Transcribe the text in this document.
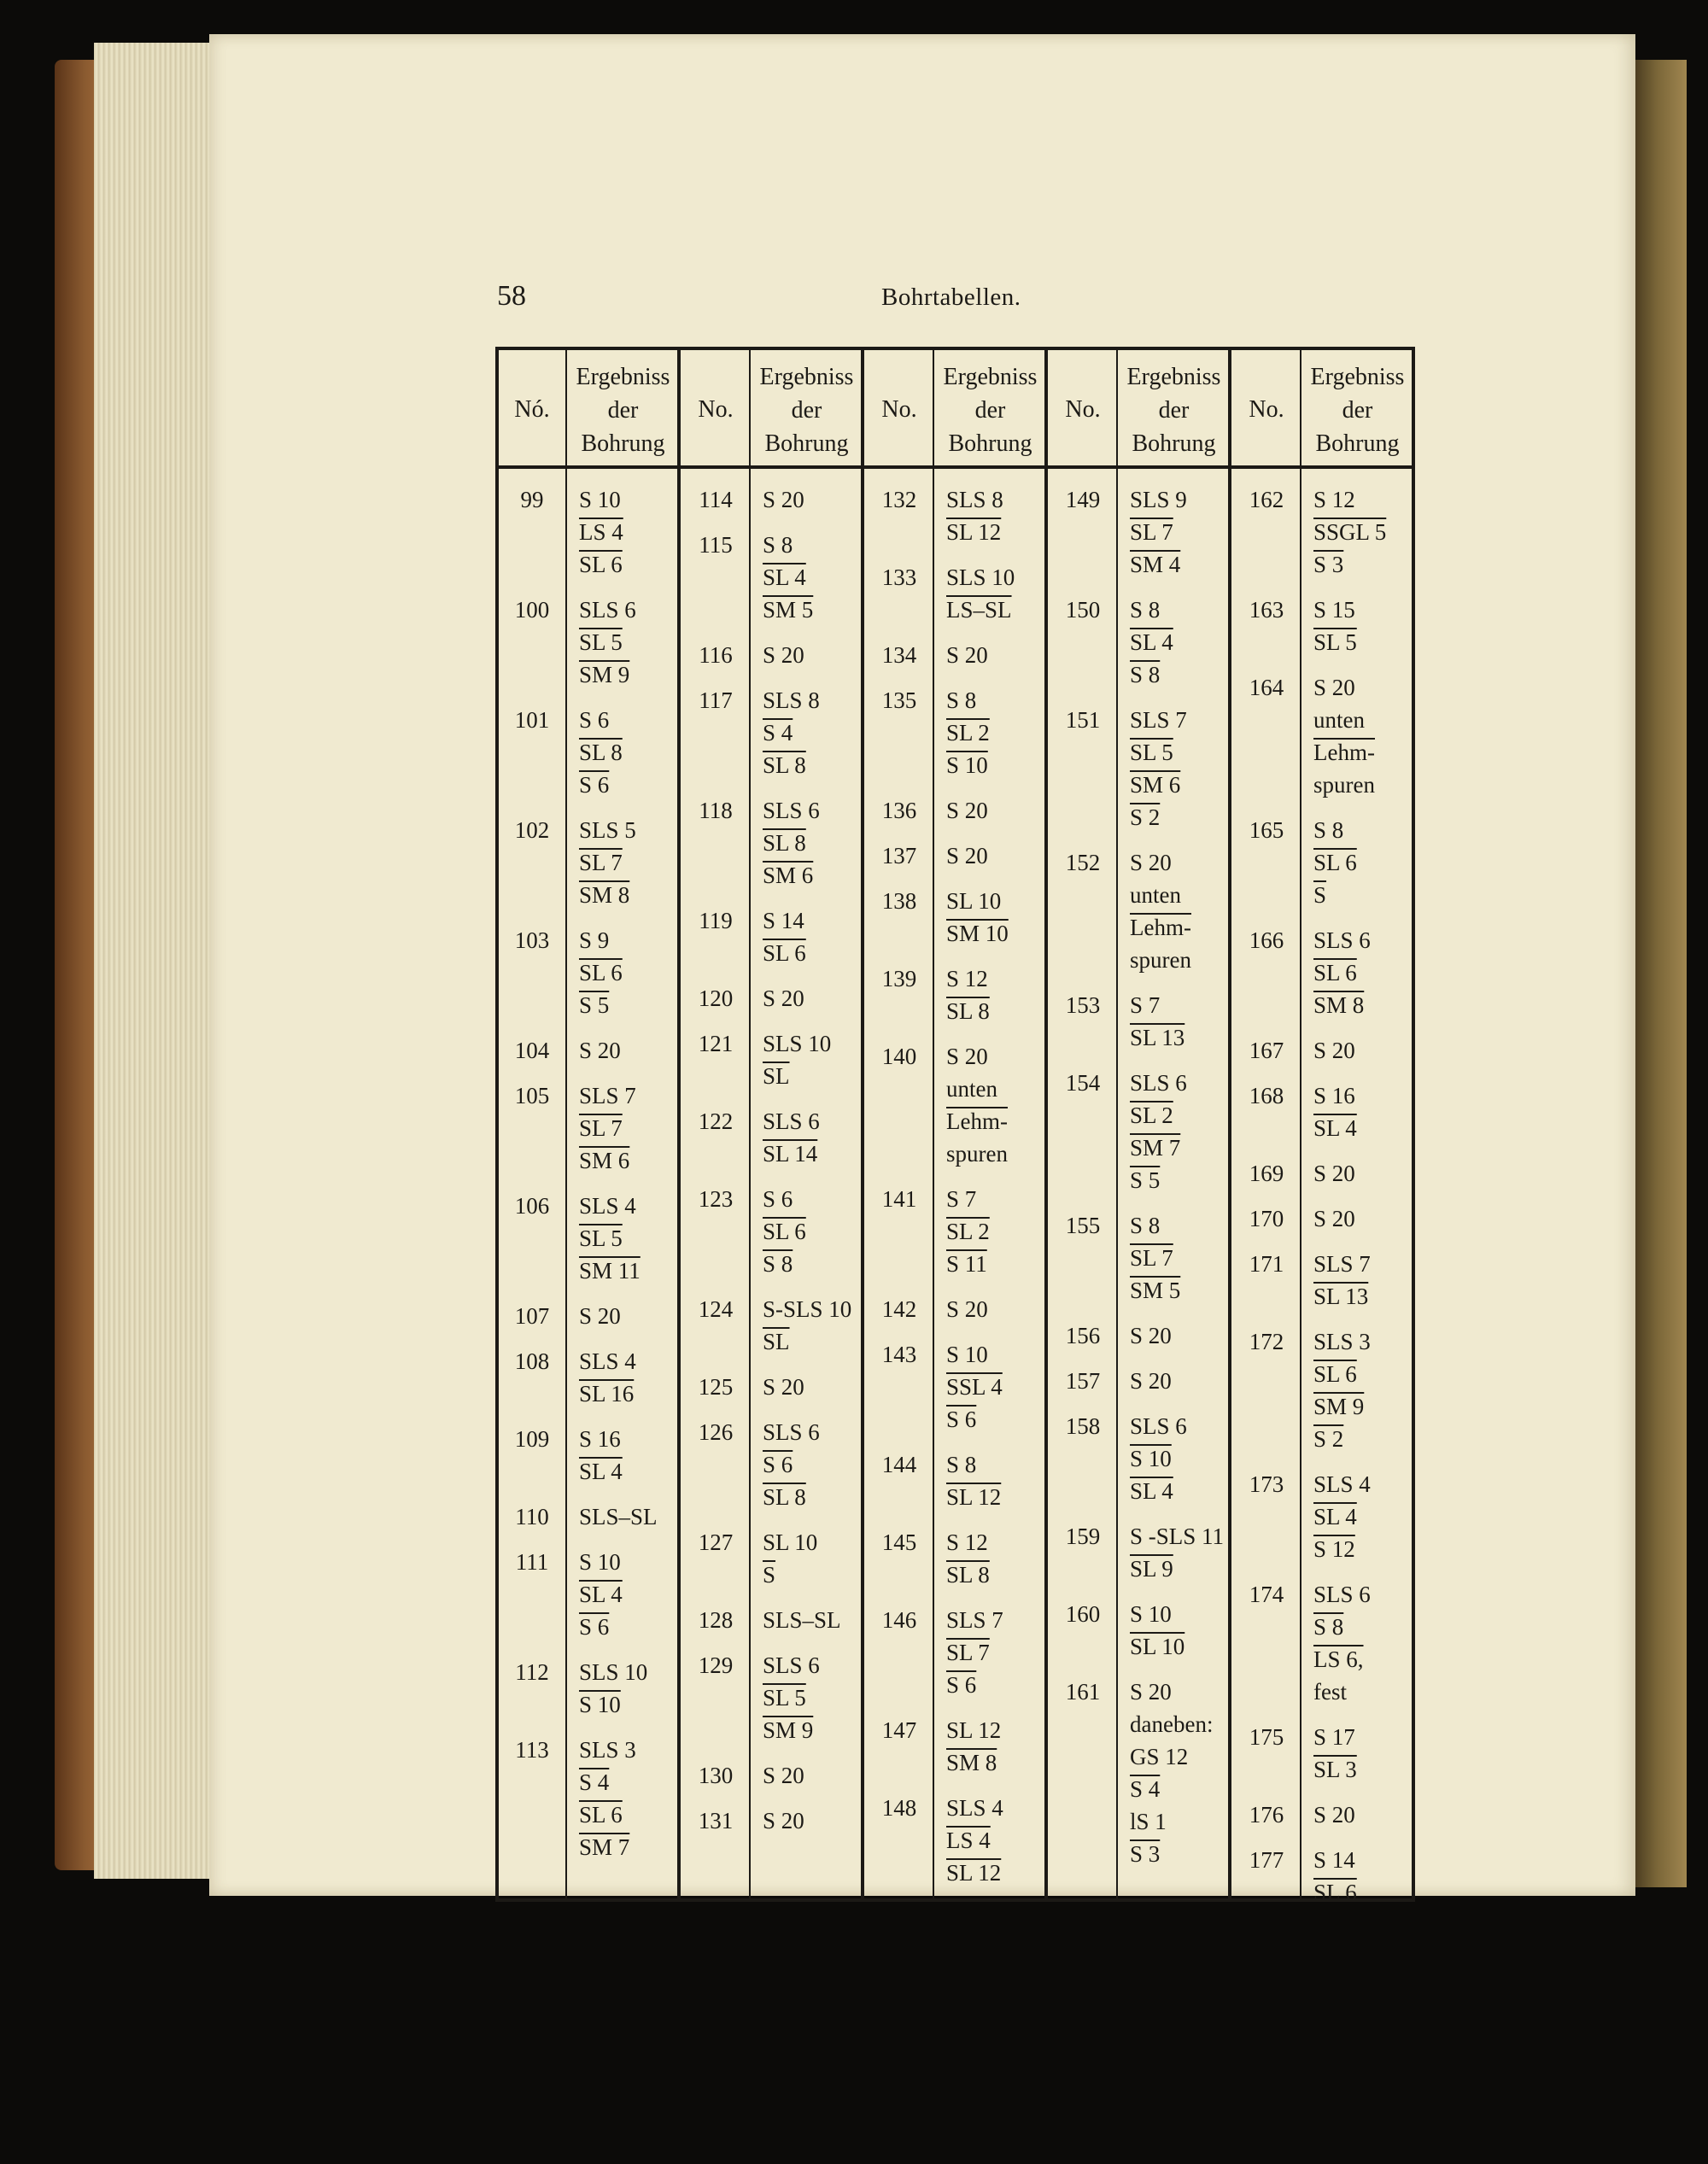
58	Bohrtabellen.
Nó.
Ergebniss
der
Bohrung
99	S 10
LS 4
SL 6
100	SLS 6
SL 5
SM 9
101	S 6
SL 8
S 6
102	SLS 5
SL 7
SM 8
103	S 9
SL 6
S 5
104	S 20
105	SLS 7
SL 7
SM 6
106	SLS 4
SL 5
SM 11
107	S 20
108	SLS 4
SL 16
109	S 16
SL 4
110	SLS–SL
111	S 10
SL 4
S 6
112	SLS 10
S 10
113	SLS 3
S 4
SL 6
SM 7
No.
Ergebniss
der
Bohrung
114	S 20
115	S 8
SL 4
SM 5
116	S 20
117	SLS 8
S 4
SL 8
118	SLS 6
SL 8
SM 6
119	S 14
SL 6
120	S 20
121	SLS 10
$\overline{SL}$
122	SLS 6
SL 14
123	S 6
SL 6
S 8
124	S-SLS 10
$\overline{SL}$
125	S 20
126	SLS 6
S 6
SL 8
127	SL 10
$\overline{S}$
128	SLS–SL
129	SLS 6
SL 5
SM 9
130	S 20
131	S 20
No.
Ergebniss
der
Bohrung
132	SLS 8
SL 12
133	SLS 10
LS–SL
134	S 20
135	S 8
SL 2
S 10
136	S 20
137	S 20
138	SL 10
SM 10
139	S 12
SL 8
140	S 20
unten
Lehm-
spuren
141	S 7
SL 2
S 11
142	S 20
143	S 10
SSL 4
S 6
144	S 8
SL 12
145	S 12
SL 8
146	SLS 7
SL 7
S 6
147	SL 12
SM 8
148	SLS 4
LS 4
SL 12
No.
Ergebniss
der
Bohrung
149	SLS 9
SL 7
SM 4
150	S 8
SL 4
S 8
151	SLS 7
SL 5
SM 6
S 2
152	S 20
unten
Lehm-
spuren
153	S 7
SL 13
154	SLS 6
SL 2
SM 7
S 5
155	S 8
SL 7
SM 5
156	S 20
157	S 20
158	SLS 6
S 10
SL 4
159	S -SLS 11
SL 9
160	S 10
SL 10
161	S 20
daneben:
GS 12
S 4
lS 1
S 3
No.
Ergebniss
der
Bohrung
162	S 12
SSGL 5
S 3
163	S 15
SL 5
164	S 20
unten
Lehm-
spuren
165	S 8
SL 6
$\overline{S}$
166	SLS 6
SL 6
SM 8
167	S 20
168	S 16
SL 4
169	S 20
170	S 20
171	SLS 7
SL 13
172	SLS 3
SL 6
SM 9
S 2
173	SLS 4
SL 4
S 12
174	SLS 6
S 8
LS 6,
fest
175	S 17
SL 3
176	S 20
177	S 14
SL 6
